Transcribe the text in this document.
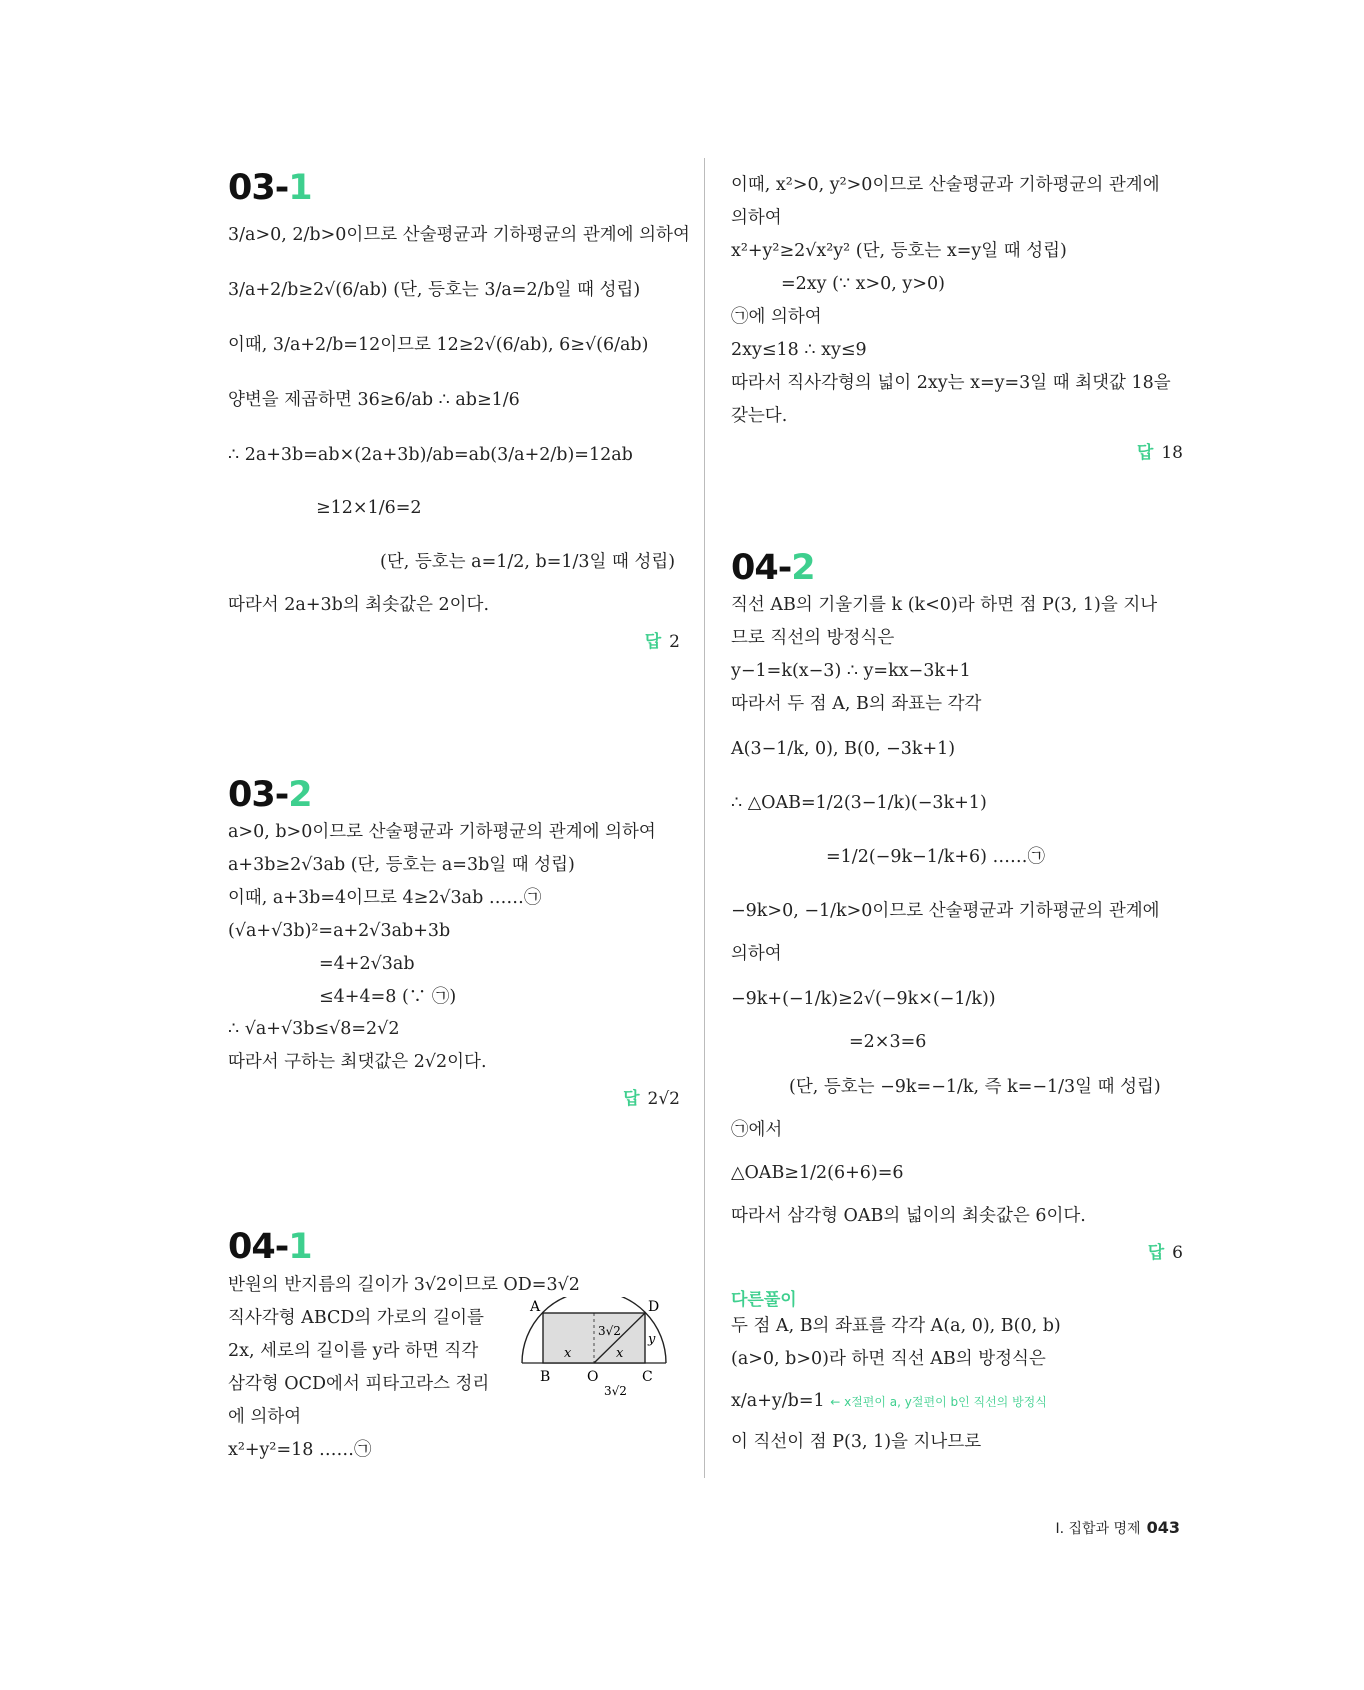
03-1
3/a>0, 2/b>0이므로 산술평균과 기하평균의 관계에 의하여
3/a+2/b≥2√(6/ab) (단, 등호는 3/a=2/b일 때 성립)
이때, 3/a+2/b=12이므로 12≥2√(6/ab), 6≥√(6/ab)
양변을 제곱하면 36≥6/ab ∴ ab≥1/6
∴ 2a+3b=ab×(2a+3b)/ab=ab(3/a+2/b)=12ab
≥12×1/6=2
(단, 등호는 a=1/2, b=1/3일 때 성립)
따라서 2a+3b의 최솟값은 2이다.
답 2
03-2
a>0, b>0이므로 산술평균과 기하평균의 관계에 의하여
a+3b≥2√3ab (단, 등호는 a=3b일 때 성립)
이때, a+3b=4이므로 4≥2√3ab ……㉠
(√a+√3b)²=a+2√3ab+3b
=4+2√3ab
≤4+4=8 (∵ ㉠)
∴ √a+√3b≤√8=2√2
따라서 구하는 최댓값은 2√2이다.
답 2√2
04-1
반원의 반지름의 길이가 3√2이므로 OD=3√2
직사각형 ABCD의 가로의 길이를
2x, 세로의 길이를 y라 하면 직각
삼각형 OCD에서 피타고라스 정리
에 의하여
x²+y²=18 ……㉠
A	D
B	C
O
3√2
3√2
x	x
y
이때, x²>0, y²>0이므로 산술평균과 기하평균의 관계에
의하여
x²+y²≥2√x²y² (단, 등호는 x=y일 때 성립)
=2xy (∵ x>0, y>0)
㉠에 의하여
2xy≤18 ∴ xy≤9
따라서 직사각형의 넓이 2xy는 x=y=3일 때 최댓값 18을
갖는다.
답 18
04-2
직선 AB의 기울기를 k (k<0)라 하면 점 P(3, 1)을 지나
므로 직선의 방정식은
y−1=k(x−3) ∴ y=kx−3k+1
따라서 두 점 A, B의 좌표는 각각
A(3−1/k, 0), B(0, −3k+1)
∴ △OAB=1/2(3−1/k)(−3k+1)
=1/2(−9k−1/k+6) ……㉠
−9k>0, −1/k>0이므로 산술평균과 기하평균의 관계에
의하여
−9k+(−1/k)≥2√(−9k×(−1/k))
=2×3=6
(단, 등호는 −9k=−1/k, 즉 k=−1/3일 때 성립)
㉠에서
△OAB≥1/2(6+6)=6
따라서 삼각형 OAB의 넓이의 최솟값은 6이다.
답 6
다른풀이
두 점 A, B의 좌표를 각각 A(a, 0), B(0, b)
(a>0, b>0)라 하면 직선 AB의 방정식은
x/a+y/b=1 ← x절편이 a, y절편이 b인 직선의 방정식
이 직선이 점 P(3, 1)을 지나므로
I. 집합과 명제 043
